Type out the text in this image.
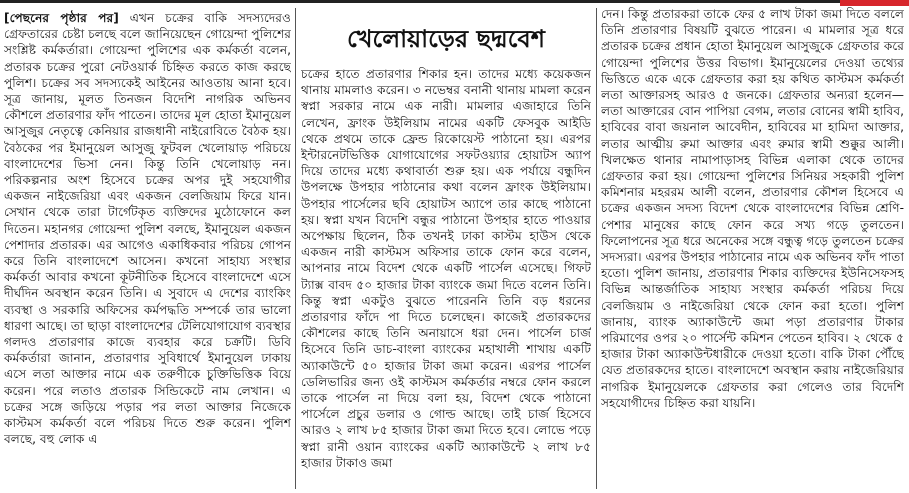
[পেছনের পৃষ্ঠার পর] এখন চক্রের বাকি সদস্যদেরও গ্রেফতারের চেষ্টা চলছে বলে জানিয়েছেন গোয়েন্দা পুলিশের সংশ্লিষ্ট কর্মকর্তারা। গোয়েন্দা পুলিশের এক কর্মকর্তা বলেন, প্রতারক চক্রের পুরো নেটওয়ার্ক চিহ্নিত করতে কাজ করছে পুলিশ। চক্রের সব সদস্যকেই আইনের আওতায় আনা হবে। সূত্র জানায়, মূলত তিনজন বিদেশি নাগরিক অভিনব কৌশলে প্রতারণার ফাঁদ পাতেন। তাদের মূল হোতা ইমানুয়েল আসুজুর নেতৃত্বে কেনিয়ার রাজধানী নাইরোবিতে বৈঠক হয়। বৈঠকের পর ইমানুয়েল আসুজু ফুটবল খেলোয়াড় পরিচয়ে বাংলাদেশের ভিসা নেন। কিন্তু তিনি খেলোয়াড় নন। পরিকল্পনার অংশ হিসেবে চক্রের অপর দুই সহযোগীর একজন নাইজেরিয়া এবং একজন বেলজিয়াম ফিরে যান। সেখান থেকে তারা টার্গেটকৃত ব্যক্তিদের মুঠোফোনে কল দিতেন। মহানগর গোয়েন্দা পুলিশ বলছে, ইমানুয়েল একজন পেশাদার প্রতারক। এর আগেও একাধিকবার পরিচয় গোপন করে তিনি বাংলাদেশে আসেন। কখনো সাহায্য সংস্থার কর্মকর্তা আবার কখনো কূটনীতিক হিসেবে বাংলাদেশে এসে দীর্ঘদিন অবস্থান করেন তিনি। এ সুবাদে এ দেশের ব্যাংকিং ব্যবস্থা ও সরকারি অফিসের কর্মপদ্ধতি সম্পর্কে তার ভালো ধারণা আছে। তা ছাড়া বাংলাদেশের টেলিযোগাযোগ ব্যবস্থার গলদও প্রতারণার কাজে ব্যবহার করে চক্রটি। ডিবি কর্মকর্তারা জানান, প্রতারণার সুবিধার্থে ইমানুয়েল ঢাকায় এসে লতা আক্তার নামে এক তরুণীকে চুক্তিভিত্তিক বিয়ে করেন। পরে লতাও প্রতারক সিন্ডিকেটে নাম লেখান। এ চক্রের সঙ্গে জড়িয়ে পড়ার পর লতা আক্তার নিজেকে কাস্টমস কর্মকর্তা বলে পরিচয় দিতে শুরু করেন। পুলিশ বলছে, বহু লোক এ

খেলোয়াড়ের ছদ্মবেশ

চক্রের হাতে প্রতারণার শিকার হন। তাদের মধ্যে কয়েকজন থানায় মামলাও করেন। ৩ নভেম্বর বনানী থানায় মামলা করেন স্বপ্না সরকার নামে এক নারী। মামলার এজাহারে তিনি লেখেন, ফ্রাংক উইলিয়াম নামের একটি ফেসবুক আইডি থেকে প্রথমে তাকে ফ্রেন্ড রিকোয়েস্ট পাঠানো হয়। এরপর ইন্টারনেটভিত্তিক যোগাযোগের সফটওয়্যার হোয়াটস অ্যাপ দিয়ে তাদের মধ্যে কথাবার্তা শুরু হয়। এক পর্যায়ে বন্ধুদিন উপলক্ষে উপহার পাঠানোর কথা বলেন ফ্রাংক উইলিয়াম। উপহার পার্সেলের ছবি হোয়াটস অ্যাপে তার কাছে পাঠানো হয়। স্বপ্না যখন বিদেশি বন্ধুর পাঠানো উপহার হাতে পাওয়ার অপেক্ষায় ছিলেন, ঠিক তখনই ঢাকা কাস্টম হাউস থেকে একজন নারী কাস্টমস অফিসার তাকে ফোন করে বলেন, আপনার নামে বিদেশ থেকে একটি পার্সেল এসেছে। গিফট ট্যাক্স বাবদ ৫০ হাজার টাকা ব্যাংকে জমা দিতে বলেন তিনি। কিন্তু স্বপ্না একটুও বুঝতে পারেননি তিনি বড় ধরনের প্রতারণার ফাঁদে পা দিতে চলেছেন। কাজেই প্রতারকদের কৌশলের কাছে তিনি অনায়াসে ধরা দেন। পার্সেল চার্জ হিসেবে তিনি ডাচ-বাংলা ব্যাংকের মহাখালী শাখায় একটি অ্যাকাউন্টে ৫০ হাজার টাকা জমা করেন। এরপর পার্সেল ডেলিভারির জন্য ওই কাস্টমস কর্মকর্তার নম্বরে ফোন করলে তাকে পার্সেল না দিয়ে বলা হয়, বিদেশ থেকে পাঠানো পার্সেলে প্রচুর ডলার ও গোল্ড আছে। তাই চার্জ হিসেবে আরও ২ লাখ ৮৫ হাজার টাকা জমা দিতে হবে। লোভে পড়ে স্বপ্না রানী ওয়ান ব্যাংকের একটি অ্যাকাউন্টে ২ লাখ ৮৫ হাজার টাকাও জমা

দেন। কিন্তু প্রতারকরা তাকে ফের ৫ লাখ টাকা জমা দিতে বললে তিনি প্রতারণার বিষয়টি বুঝতে পারেন। এ মামলার সূত্র ধরে প্রতারক চক্রের প্রধান হোতা ইমানুয়েল আসুজুকে গ্রেফতার করে গোয়েন্দা পুলিশের উত্তর বিভাগ। ইমানুয়েলের দেওয়া তথ্যের ভিত্তিতে একে একে গ্রেফতার করা হয় কথিত কাস্টমস কর্মকর্তা লতা আক্তারসহ আরও ৫ জনকে। গ্রেফতার অন্যরা হলেন— লতা আক্তারের বোন পাপিয়া বেগম, লতার বোনের স্বামী হাবিব, হাবিবের বাবা জয়নাল আবেদীন, হাবিবের মা হামিদা আক্তার, লতার আত্মীয় রুমা আক্তার এবং রুমার স্বামী শুক্কুর আলী। খিলক্ষেত থানার নামাপাড়াসহ বিভিন্ন এলাকা থেকে তাদের গ্রেফতার করা হয়। গোয়েন্দা পুলিশের সিনিয়র সহকারী পুলিশ কমিশনার মহররম আলী বলেন, প্রতারণার কৌশল হিসেবে এ চক্রের একজন সদস্য বিদেশ থেকে বাংলাদেশের বিভিন্ন শ্রেণি-পেশার মানুষের কাছে ফোন করে সখ্য গড়ে তুলতেন। ফিলোপনের সূত্র ধরে অনেকের সঙ্গে বন্ধুত্ব গড়ে তুলতেন চক্রের সদস্যরা। এরপর উপহার পাঠানোর নামে এক অভিনব ফাঁদ পাতা হতো। পুলিশ জানায়, প্রতারণার শিকার ব্যক্তিদের ইউনিসেফসহ বিভিন্ন আন্তর্জাতিক সাহায্য সংস্থার কর্মকর্তা পরিচয় দিয়ে বেলজিয়াম ও নাইজেরিয়া থেকে ফোন করা হতো। পুলিশ জানায়, ব্যাংক অ্যাকাউন্টে জমা পড়া প্রতারণার টাকার পরিমাণের ওপর ২০ পার্সেন্ট কমিশন পেতেন হাবিব। ২ থেকে ৫ হাজার টাকা অ্যাকাউন্টধারীকে দেওয়া হতো। বাকি টাকা পৌঁছে যেত প্রতারকদের হাতে। বাংলাদেশে অবস্থান করায় নাইজেরিয়ার নাগরিক ইমানুয়েলকে গ্রেফতার করা গেলেও তার বিদেশি সহযোগীদের চিহ্নিত করা যায়নি।
